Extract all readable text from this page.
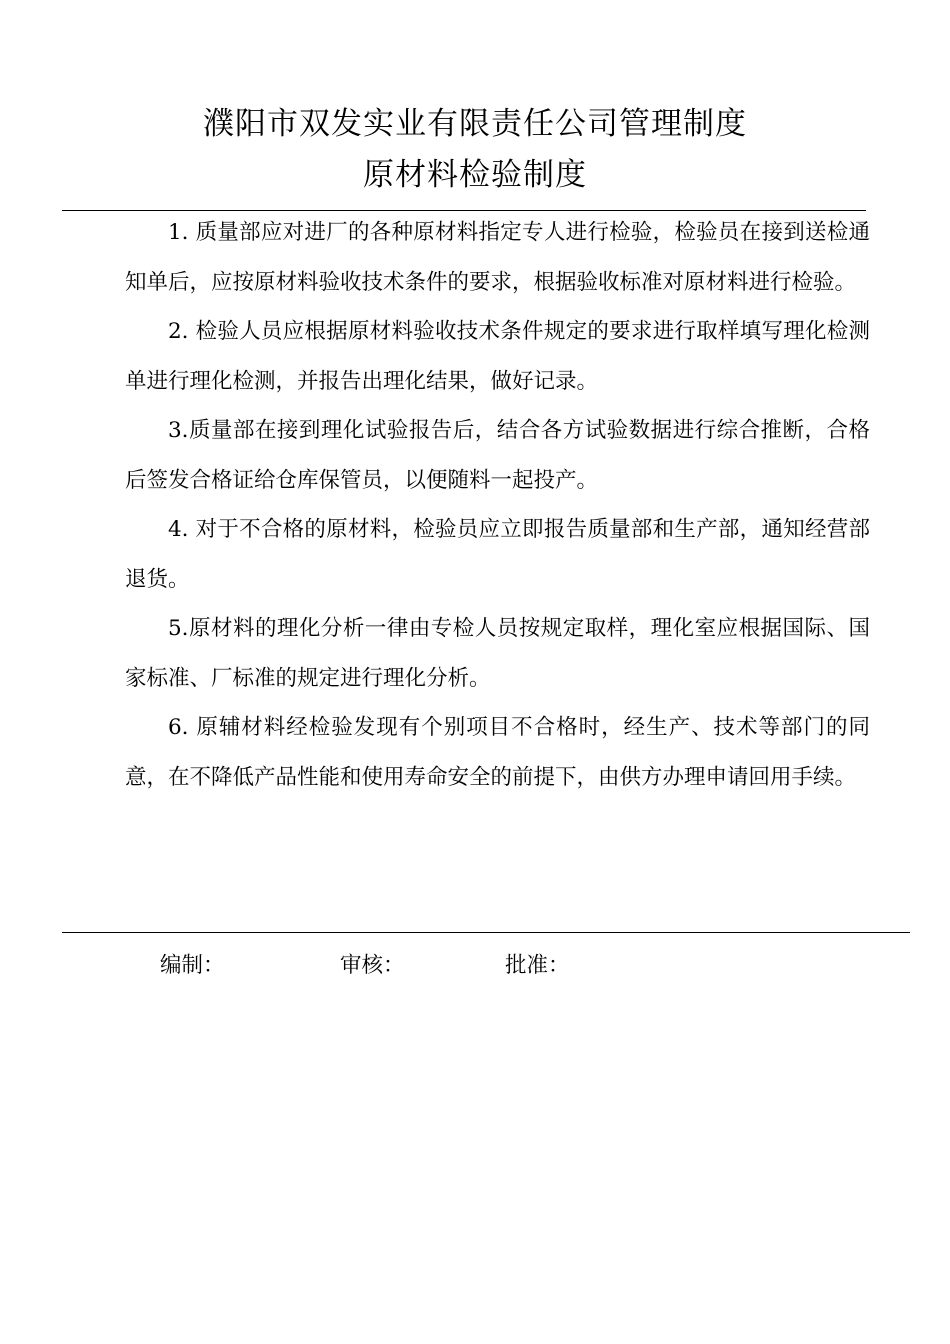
濮阳市双发实业有限责任公司管理制度
原材料检验制度

1. 质量部应对进厂的各种原材料指定专人进行检验，检验员在接到送检通知单后，应按原材料验收技术条件的要求，根据验收标准对原材料进行检验。

2. 检验人员应根据原材料验收技术条件规定的要求进行取样填写理化检测单进行理化检测，并报告出理化结果，做好记录。

3.质量部在接到理化试验报告后，结合各方试验数据进行综合推断，合格后签发合格证给仓库保管员，以便随料一起投产。

4. 对于不合格的原材料，检验员应立即报告质量部和生产部，通知经营部退货。

5.原材料的理化分析一律由专检人员按规定取样，理化室应根据国际、国家标准、厂标准的规定进行理化分析。

6. 原辅材料经检验发现有个别项目不合格时，经生产、技术等部门的同意，在不降低产品性能和使用寿命安全的前提下，由供方办理申请回用手续。

编制：	审核：	批准：
